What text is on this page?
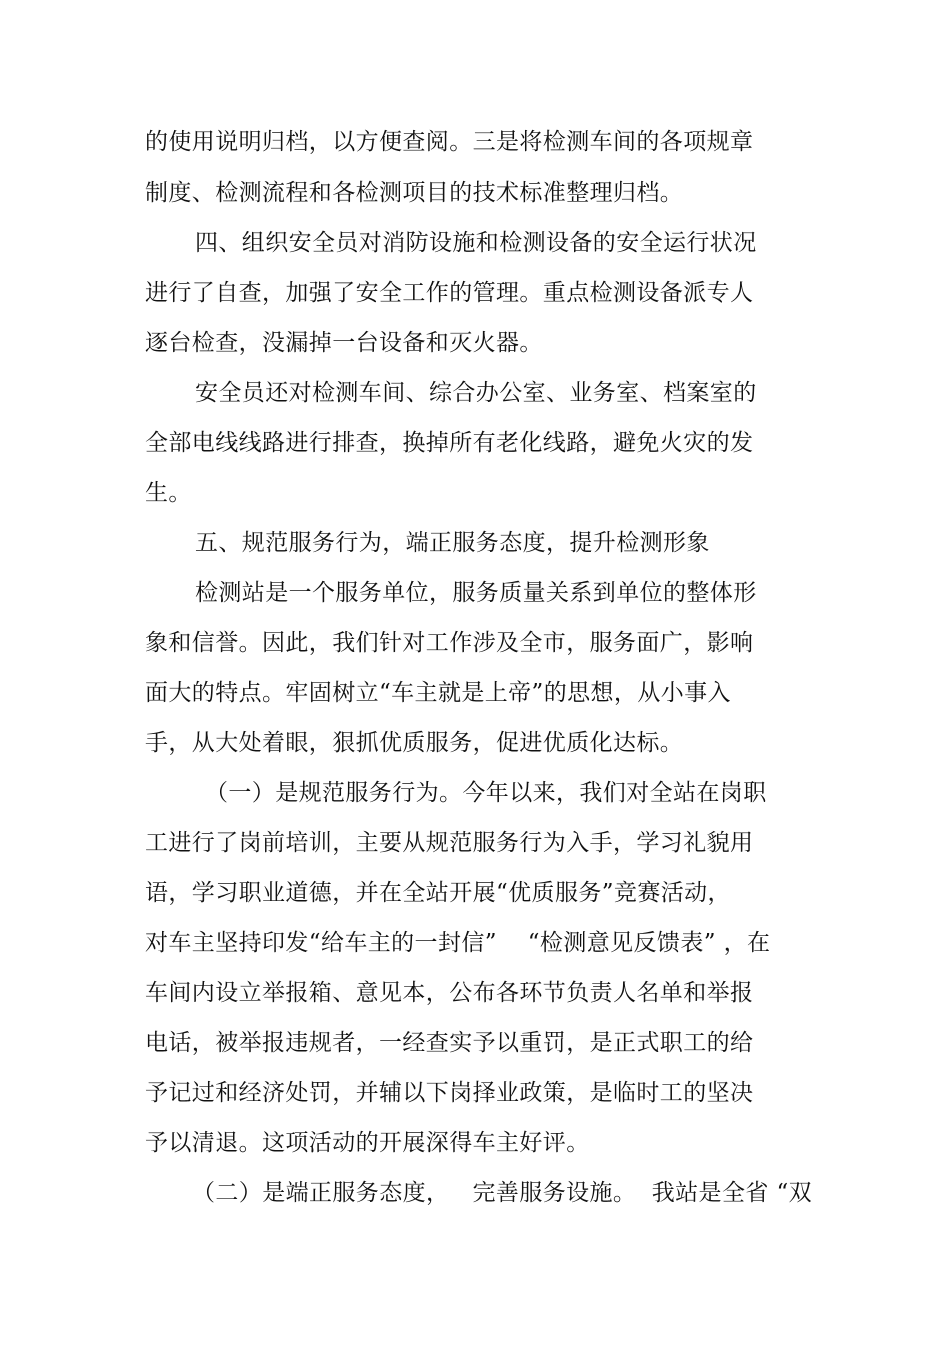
的使用说明归档，以方便查阅。三是将检测车间的各项规章
制度、检测流程和各检测项目的技术标准整理归档。
四、组织安全员对消防设施和检测设备的安全运行状况
进行了自查，加强了安全工作的管理。重点检测设备派专人
逐台检查，没漏掉一台设备和灭火器。
安全员还对检测车间、综合办公室、业务室、档案室的
全部电线线路进行排查，换掉所有老化线路，避免火灾的发
生。
五、规范服务行为，端正服务态度，提升检测形象
检测站是一个服务单位，服务质量关系到单位的整体形
象和信誉。因此，我们针对工作涉及全市，服务面广，影响
面大的特点。牢固树立“车主就是上帝”的思想，从小事入
手，从大处着眼，狠抓优质服务，促进优质化达标。
（一）是规范服务行为。今年以来，我们对全站在岗职
工进行了岗前培训，主要从规范服务行为入手，学习礼貌用
语，学习职业道德，并在全站开展“优质服务”竞赛活动，
对车主坚持印发“给车主的一封信”    “检测意见反馈表” ，在
车间内设立举报箱、意见本，公布各环节负责人名单和举报
电话，被举报违规者，一经查实予以重罚，是正式职工的给
予记过和经济处罚，并辅以下岗择业政策，是临时工的坚决
予以清退。这项活动的开展深得车主好评。
（二）是端正服务态度，   完善服务设施。  我站是全省 “双
